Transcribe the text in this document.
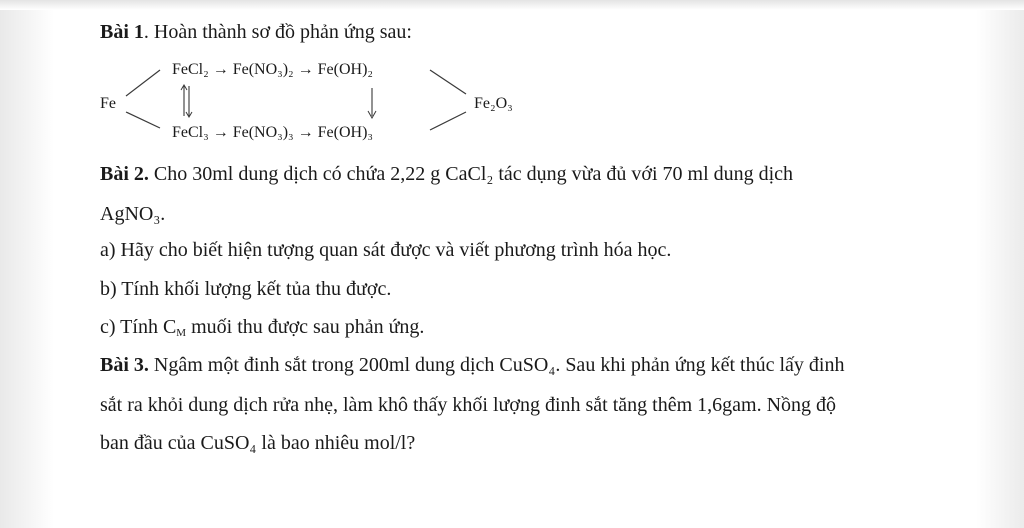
Bài 1. Hoàn thành sơ đồ phản ứng sau:
Fe	Fe₂O₃
FeCl₂ → Fe(NO₃)₂ → Fe(OH)₂
FeCl₃ → Fe(NO₃)₃ → Fe(OH)₃
Bài 2. Cho 30ml dung dịch có chứa 2,22 g CaCl₂ tác dụng vừa đủ với 70 ml dung dịch
AgNO₃.
a) Hãy cho biết hiện tượng quan sát được và viết phương trình hóa học.
b) Tính khối lượng kết tủa thu được.
c) Tính $C_M$ muối thu được sau phản ứng.
Bài 3. Ngâm một đinh sắt trong 200ml dung dịch CuSO₄. Sau khi phản ứng kết thúc lấy đinh
sắt ra khỏi dung dịch rửa nhẹ, làm khô thấy khối lượng đinh sắt tăng thêm 1,6gam. Nồng độ
ban đầu của CuSO₄ là bao nhiêu mol/l?
